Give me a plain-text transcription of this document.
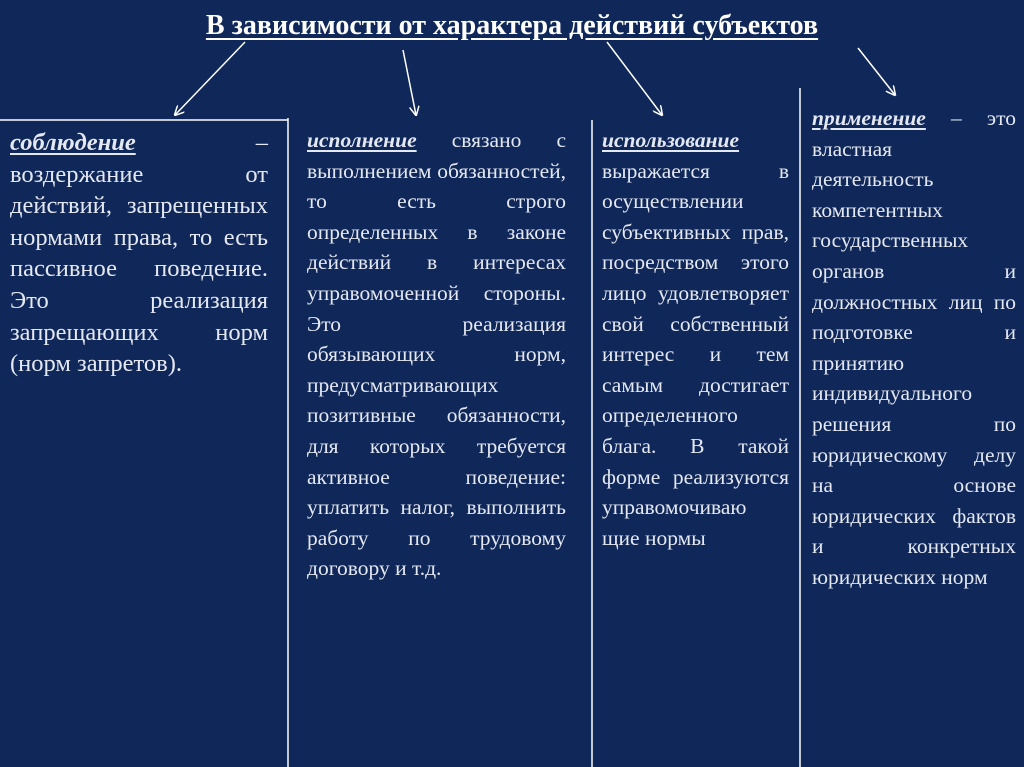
В зависимости от характера действий субъектов
соблюдение – воздержание от действий, запрещенных нормами права, то есть пассивное поведение. Это реализация запрещающих норм (норм запретов).
исполнение связано с выполнением обязанностей, то есть строго определенных в законе действий в интересах управомоченной стороны. Это реализация обязывающих норм, предусматривающих позитивные обязанности, для которых требуется активное поведение: уплатить налог, выполнить работу по трудовому договору и т.д.
использование выражается в осуществлении субъективных прав, посредством этого лицо удовлетворяет свой собственный интерес и тем самым достигает определенного блага. В такой форме реализуются управомочиваю щие нормы
применение – это властная деятельность компетентных государственных органов и должностных лиц по подготовке и принятию индивидуального решения по юридическому делу на основе юридических фактов и конкретных юридических норм
